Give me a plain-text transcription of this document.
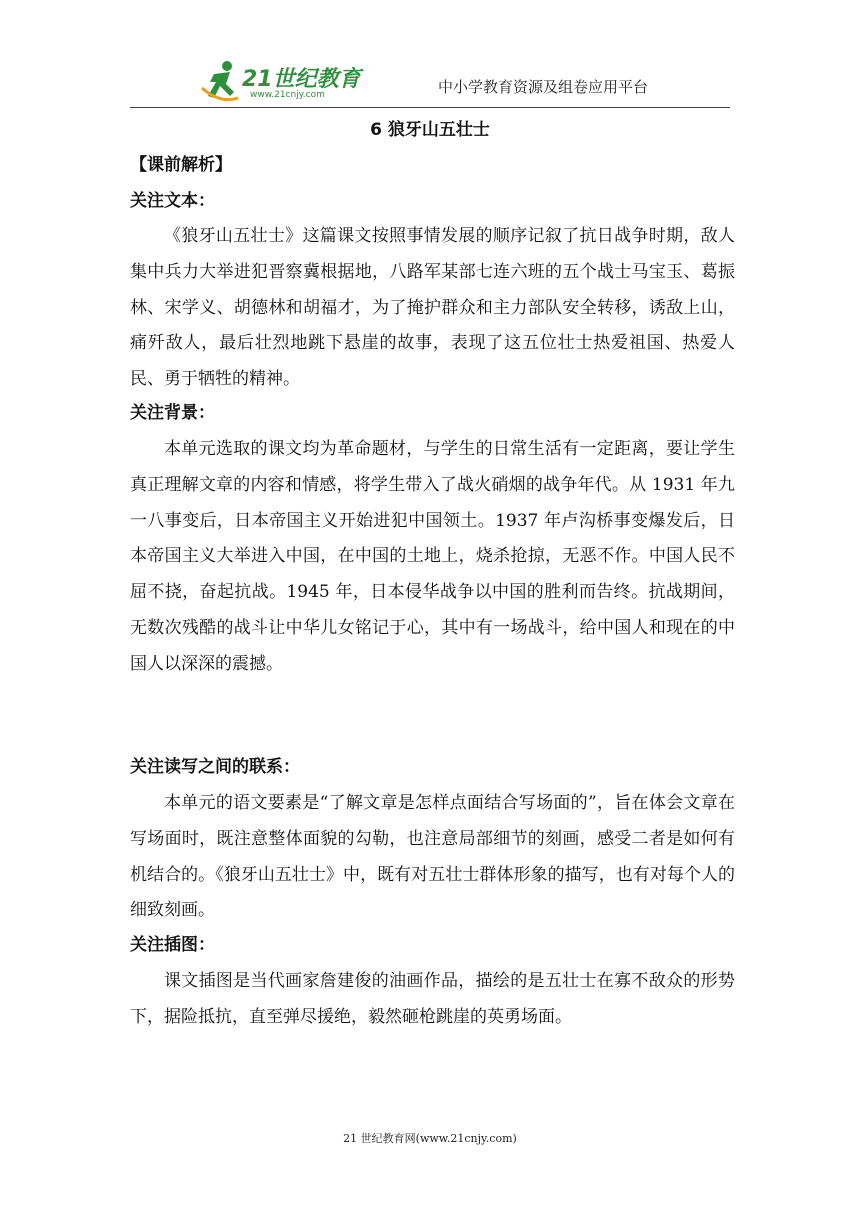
21世纪教育
www.21cnjy.com	中小学教育资源及组卷应用平台
6 狼牙山五壮士
【课前解析】
关注文本：

《狼牙山五壮士》这篇课文按照事情发展的顺序记叙了抗日战争时期，敌人集中兵力大举进犯晋察冀根据地，八路军某部七连六班的五个战士马宝玉、葛振林、宋学义、胡德林和胡福才，为了掩护群众和主力部队安全转移，诱敌上山，痛歼敌人，最后壮烈地跳下悬崖的故事，表现了这五位壮士热爱祖国、热爱人民、勇于牺牲的精神。

关注背景：

本单元选取的课文均为革命题材，与学生的日常生活有一定距离，要让学生真正理解文章的内容和情感，将学生带入了战火硝烟的战争年代。从 1931 年九一八事变后，日本帝国主义开始进犯中国领土。1937 年卢沟桥事变爆发后，日本帝国主义大举进入中国，在中国的土地上，烧杀抢掠，无恶不作。中国人民不屈不挠，奋起抗战。1945 年，日本侵华战争以中国的胜利而告终。抗战期间，无数次残酷的战斗让中华儿女铭记于心，其中有一场战斗，给中国人和现在的中国人以深深的震撼。

关注读写之间的联系：

本单元的语文要素是“了解文章是怎样点面结合写场面的”，旨在体会文章在写场面时，既注意整体面貌的勾勒，也注意局部细节的刻画，感受二者是如何有机结合的。《狼牙山五壮士》中，既有对五壮士群体形象的描写，也有对每个人的细致刻画。

关注插图：

课文插图是当代画家詹建俊的油画作品，描绘的是五壮士在寡不敌众的形势下，据险抵抗，直至弹尽援绝，毅然砸枪跳崖的英勇场面。

21 世纪教育网(www.21cnjy.com)
